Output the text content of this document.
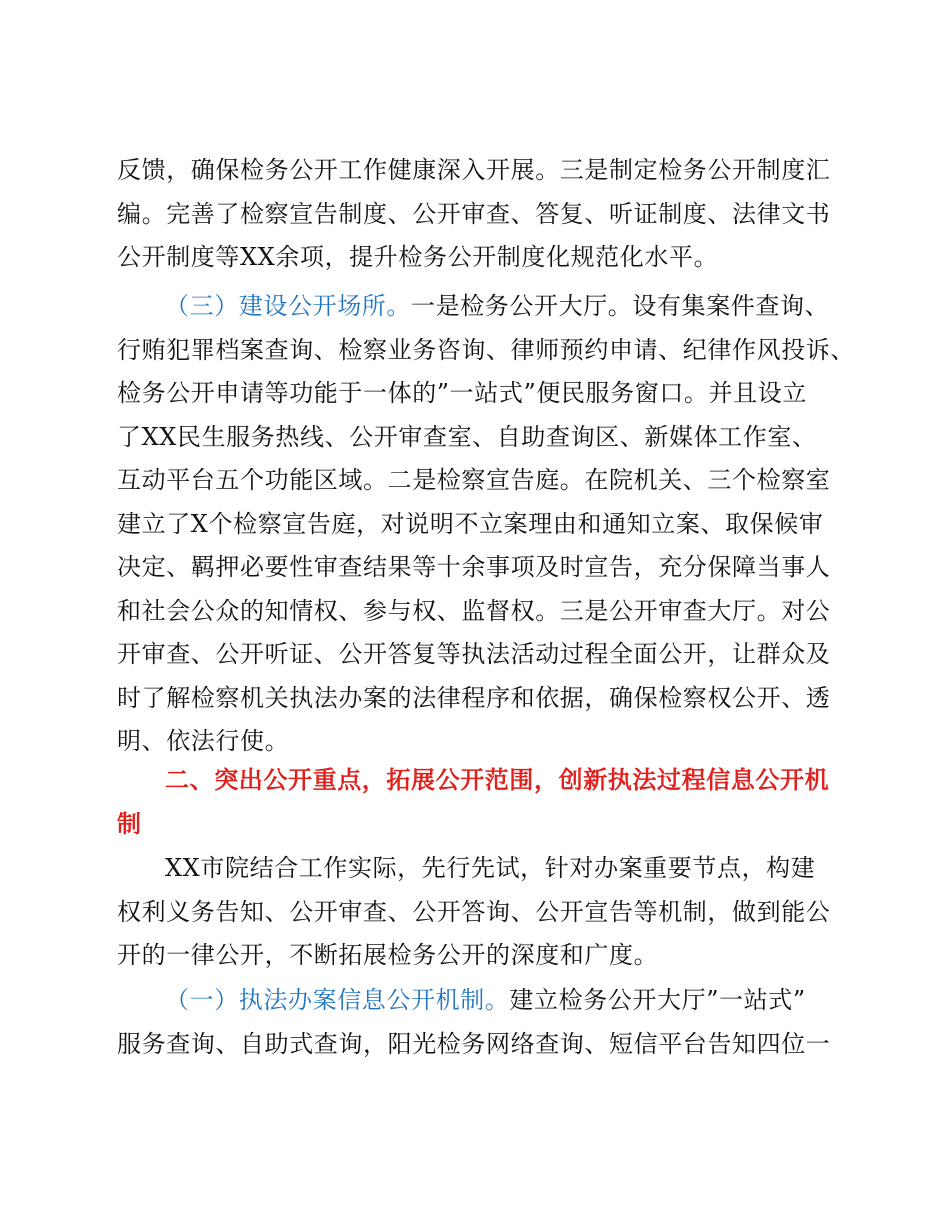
反馈，确保检务公开工作健康深入开展。三是制定检务公开制度汇
编。完善了检察宣告制度、公开审查、答复、听证制度、法律文书
公开制度等XX余项，提升检务公开制度化规范化水平。
（三）建设公开场所。一是检务公开大厅。设有集案件查询、
行贿犯罪档案查询、检察业务咨询、律师预约申请、纪律作风投诉、
检务公开申请等功能于一体的”一站式”便民服务窗口。并且设立
了XX民生服务热线、公开审查室、自助查询区、新媒体工作室、
互动平台五个功能区域。二是检察宣告庭。在院机关、三个检察室
建立了X个检察宣告庭，对说明不立案理由和通知立案、取保候审
决定、羁押必要性审查结果等十余事项及时宣告，充分保障当事人
和社会公众的知情权、参与权、监督权。三是公开审查大厅。对公
开审查、公开听证、公开答复等执法活动过程全面公开，让群众及
时了解检察机关执法办案的法律程序和依据，确保检察权公开、透
明、依法行使。
二、突出公开重点，拓展公开范围，创新执法过程信息公开机
制
XX市院结合工作实际，先行先试，针对办案重要节点，构建
权利义务告知、公开审查、公开答询、公开宣告等机制，做到能公
开的一律公开，不断拓展检务公开的深度和广度。
（一）执法办案信息公开机制。建立检务公开大厅”一站式”
服务查询、自助式查询，阳光检务网络查询、短信平台告知四位一
